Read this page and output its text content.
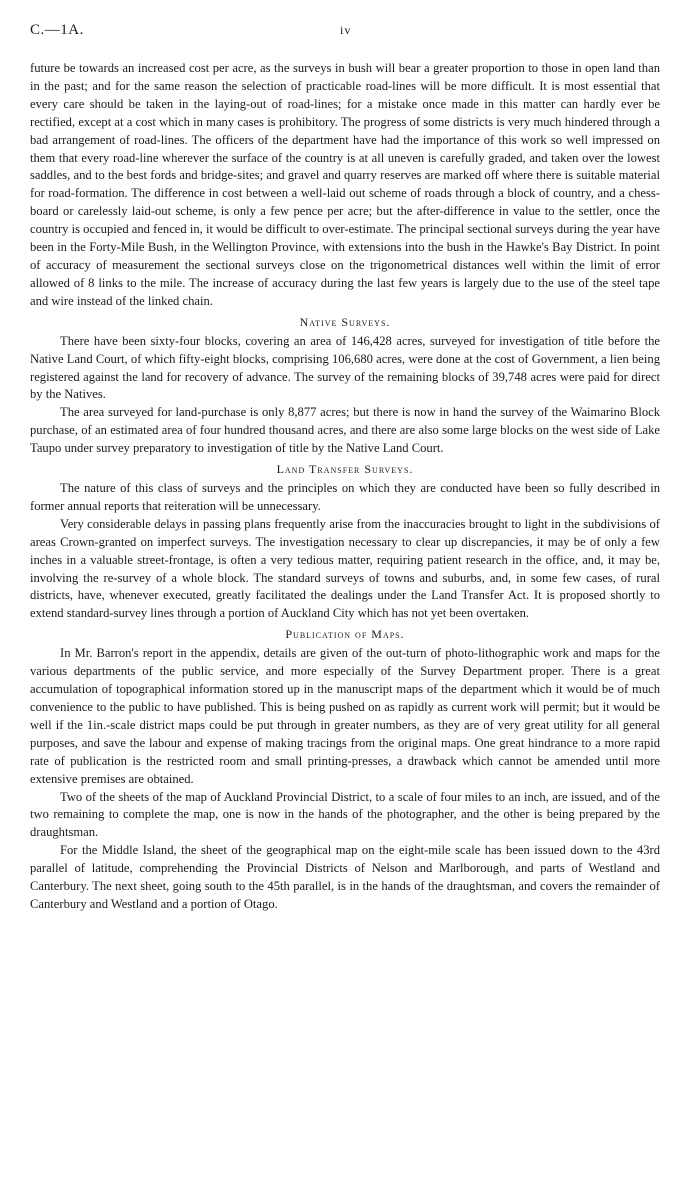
C.—1A.	iv

future be towards an increased cost per acre, as the surveys in bush will bear a greater proportion to those in open land than in the past; and for the same reason the selection of practicable road-lines will be more difficult. It is most essential that every care should be taken in the laying-out of road-lines; for a mistake once made in this matter can hardly ever be rectified, except at a cost which in many cases is prohibitory. The progress of some districts is very much hindered through a bad arrangement of road-lines. The officers of the department have had the importance of this work so well impressed on them that every road-line wherever the surface of the country is at all uneven is carefully graded, and taken over the lowest saddles, and to the best fords and bridge-sites; and gravel and quarry reserves are marked off where there is suitable material for road-formation. The difference in cost between a well-laid out scheme of roads through a block of country, and a chess-board or carelessly laid-out scheme, is only a few pence per acre; but the after-difference in value to the settler, once the country is occupied and fenced in, it would be difficult to over-estimate. The principal sectional surveys during the year have been in the Forty-Mile Bush, in the Wellington Province, with extensions into the bush in the Hawke's Bay District. In point of accuracy of measurement the sectional surveys close on the trigonometrical distances well within the limit of error allowed of 8 links to the mile. The increase of accuracy during the last few years is largely due to the use of the steel tape and wire instead of the linked chain.

Native Surveys.

There have been sixty-four blocks, covering an area of 146,428 acres, surveyed for investigation of title before the Native Land Court, of which fifty-eight blocks, comprising 106,680 acres, were done at the cost of Government, a lien being registered against the land for recovery of advance. The survey of the remaining blocks of 39,748 acres were paid for direct by the Natives.

The area surveyed for land-purchase is only 8,877 acres; but there is now in hand the survey of the Waimarino Block purchase, of an estimated area of four hundred thousand acres, and there are also some large blocks on the west side of Lake Taupo under survey preparatory to investigation of title by the Native Land Court.

Land Transfer Surveys.

The nature of this class of surveys and the principles on which they are conducted have been so fully described in former annual reports that reiteration will be unnecessary.

Very considerable delays in passing plans frequently arise from the inaccuracies brought to light in the subdivisions of areas Crown-granted on imperfect surveys. The investigation necessary to clear up discrepancies, it may be of only a few inches in a valuable street-frontage, is often a very tedious matter, requiring patient research in the office, and, it may be, involving the re-survey of a whole block. The standard surveys of towns and suburbs, and, in some few cases, of rural districts, have, whenever executed, greatly facilitated the dealings under the Land Transfer Act. It is proposed shortly to extend standard-survey lines through a portion of Auckland City which has not yet been overtaken.

Publication of Maps.

In Mr. Barron's report in the appendix, details are given of the out-turn of photo-lithographic work and maps for the various departments of the public service, and more especially of the Survey Department proper. There is a great accumulation of topographical information stored up in the manuscript maps of the department which it would be of much convenience to the public to have published. This is being pushed on as rapidly as current work will permit; but it would be well if the 1in.-scale district maps could be put through in greater numbers, as they are of very great utility for all general purposes, and save the labour and expense of making tracings from the original maps. One great hindrance to a more rapid rate of publication is the restricted room and small printing-presses, a drawback which cannot be amended until more extensive premises are obtained.

Two of the sheets of the map of Auckland Provincial District, to a scale of four miles to an inch, are issued, and of the two remaining to complete the map, one is now in the hands of the photographer, and the other is being prepared by the draughtsman.

For the Middle Island, the sheet of the geographical map on the eight-mile scale has been issued down to the 43rd parallel of latitude, comprehending the Provincial Districts of Nelson and Marlborough, and parts of Westland and Canterbury. The next sheet, going south to the 45th parallel, is in the hands of the draughtsman, and covers the remainder of Canterbury and Westland and a portion of Otago.
